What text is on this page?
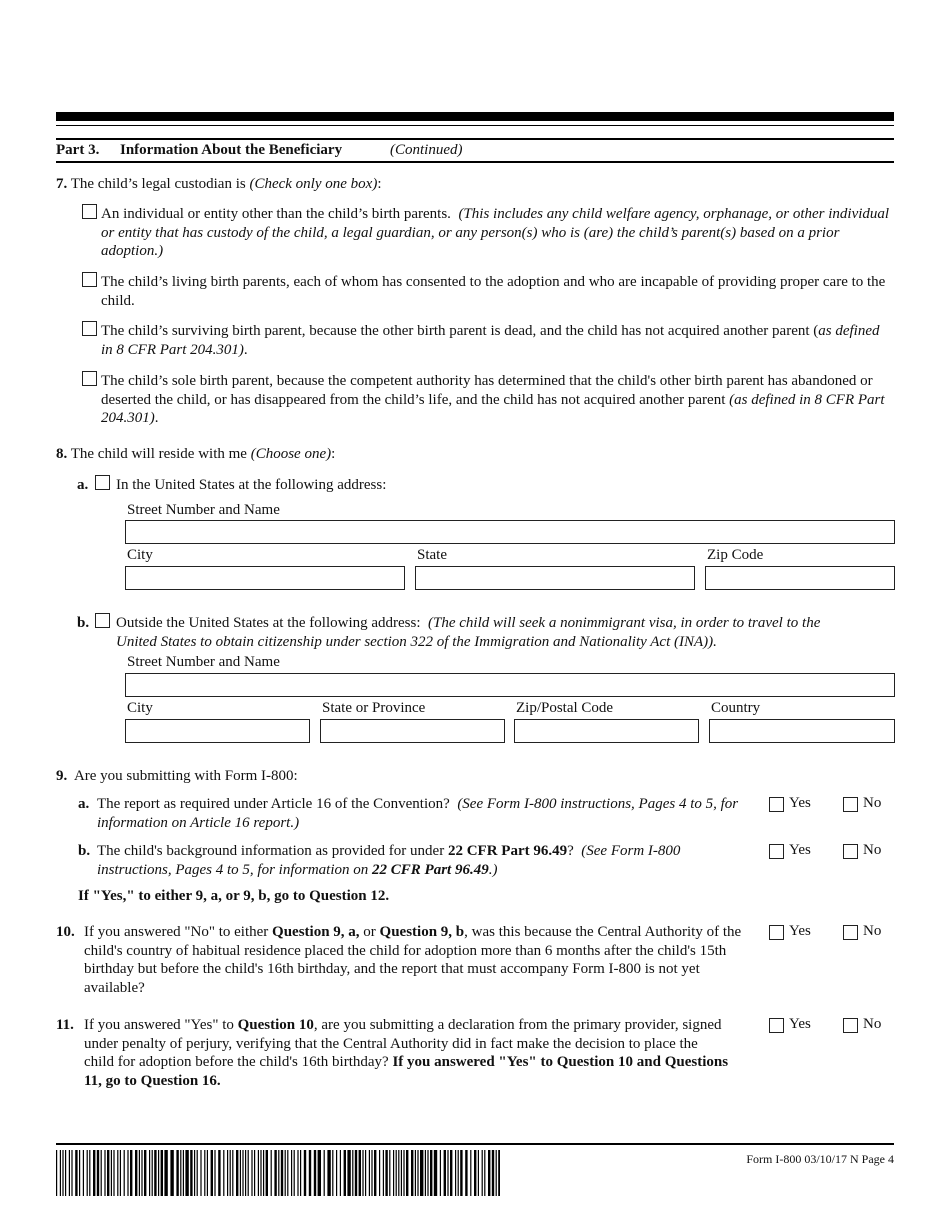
Part 3. Information About the Beneficiary	(Continued)
7. The child’s legal custodian is (Check only one box):
An individual or entity other than the child’s birth parents. (This includes any child welfare agency, orphanage, or other individual or entity that has custody of the child, a legal guardian, or any person(s) who is (are) the child’s parent(s) based on a prior adoption.)
The child’s living birth parents, each of whom has consented to the adoption and who are incapable of providing proper care to the child.
The child’s surviving birth parent, because the other birth parent is dead, and the child has not acquired another parent (as defined in 8 CFR Part 204.301).
The child’s sole birth parent, because the competent authority has determined that the child's other birth parent has abandoned or deserted the child, or has disappeared from the child’s life, and the child has not acquired another parent (as defined in 8 CFR Part 204.301).
8. The child will reside with me (Choose one):
a. In the United States at the following address:
Street Number and Name
City	State	Zip Code
b. Outside the United States at the following address: (The child will seek a nonimmigrant visa, in order to travel to the United States to obtain citizenship under section 322 of the Immigration and Nationality Act (INA)).
Street Number and Name
City	State or Province	Zip/Postal Code	Country
9. Are you submitting with Form I-800:
a. The report as required under Article 16 of the Convention? (See Form I-800 instructions, Pages 4 to 5, for information on Article 16 report.)
Yes	No
b. The child's background information as provided for under 22 CFR Part 96.49? (See Form I-800 instructions, Pages 4 to 5, for information on 22 CFR Part 96.49.)
Yes	No
If "Yes," to either 9, a, or 9, b, go to Question 12.
10. If you answered "No" to either Question 9, a, or Question 9, b, was this because the Central Authority of the child's country of habitual residence placed the child for adoption more than 6 months after the child's 15th birthday but before the child's 16th birthday, and the report that must accompany Form I-800 is not yet available?
Yes	No
11. If you answered "Yes" to Question 10, are you submitting a declaration from the primary provider, signed under penalty of perjury, verifying that the Central Authority did in fact make the decision to place the child for adoption before the child's 16th birthday? If you answered "Yes" to Question 10 and Questions 11, go to Question 16.
Yes	No
Form I-800 03/10/17 N Page 4
